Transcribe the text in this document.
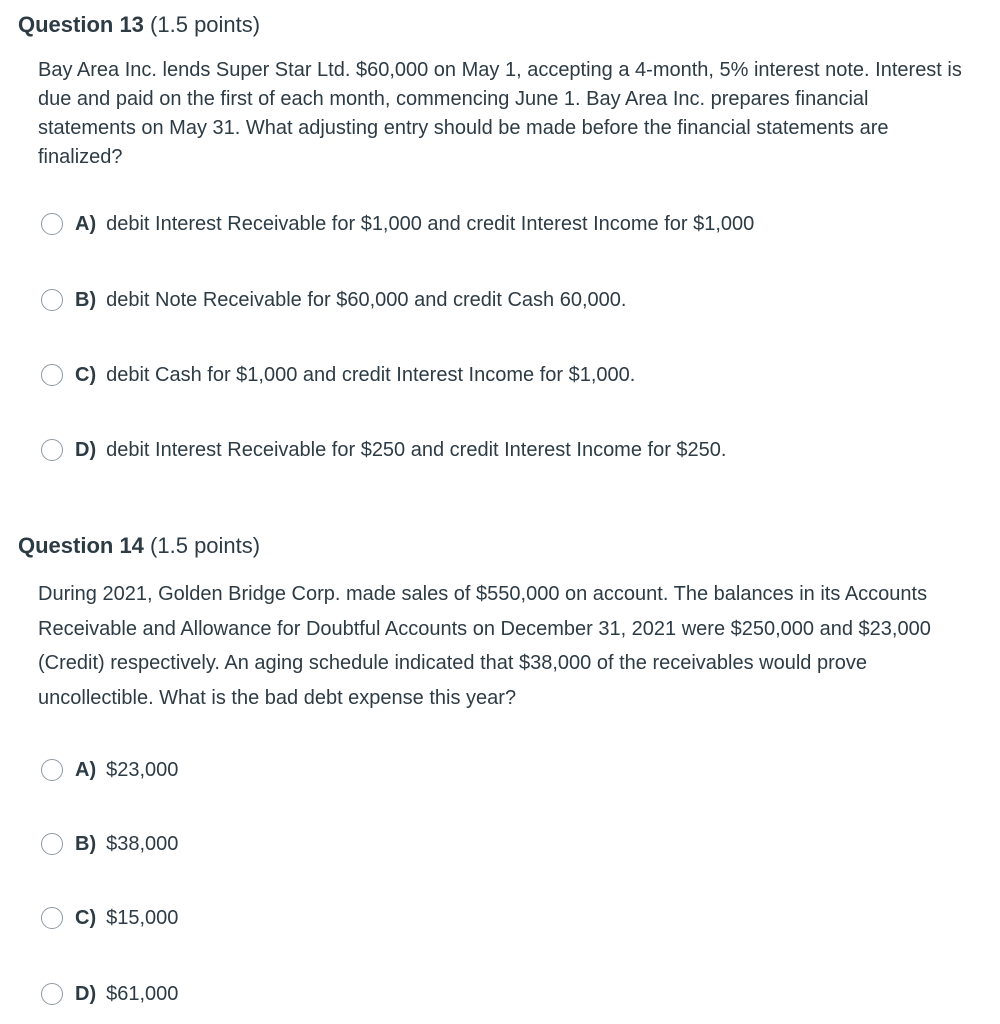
Question 13 (1.5 points)

Bay Area Inc. lends Super Star Ltd. $60,000 on May 1, accepting a 4-month, 5% interest note. Interest is due and paid on the first of each month, commencing June 1. Bay Area Inc. prepares financial statements on May 31. What adjusting entry should be made before the financial statements are finalized?

A) debit Interest Receivable for $1,000 and credit Interest Income for $1,000
B) debit Note Receivable for $60,000 and credit Cash 60,000.
C) debit Cash for $1,000 and credit Interest Income for $1,000.
D) debit Interest Receivable for $250 and credit Interest Income for $250.
Question 14 (1.5 points)

During 2021, Golden Bridge Corp. made sales of $550,000 on account. The balances in its Accounts Receivable and Allowance for Doubtful Accounts on December 31, 2021 were $250,000 and $23,000 (Credit) respectively. An aging schedule indicated that $38,000 of the receivables would prove uncollectible. What is the bad debt expense this year?

A) $23,000
B) $38,000
C) $15,000
D) $61,000
